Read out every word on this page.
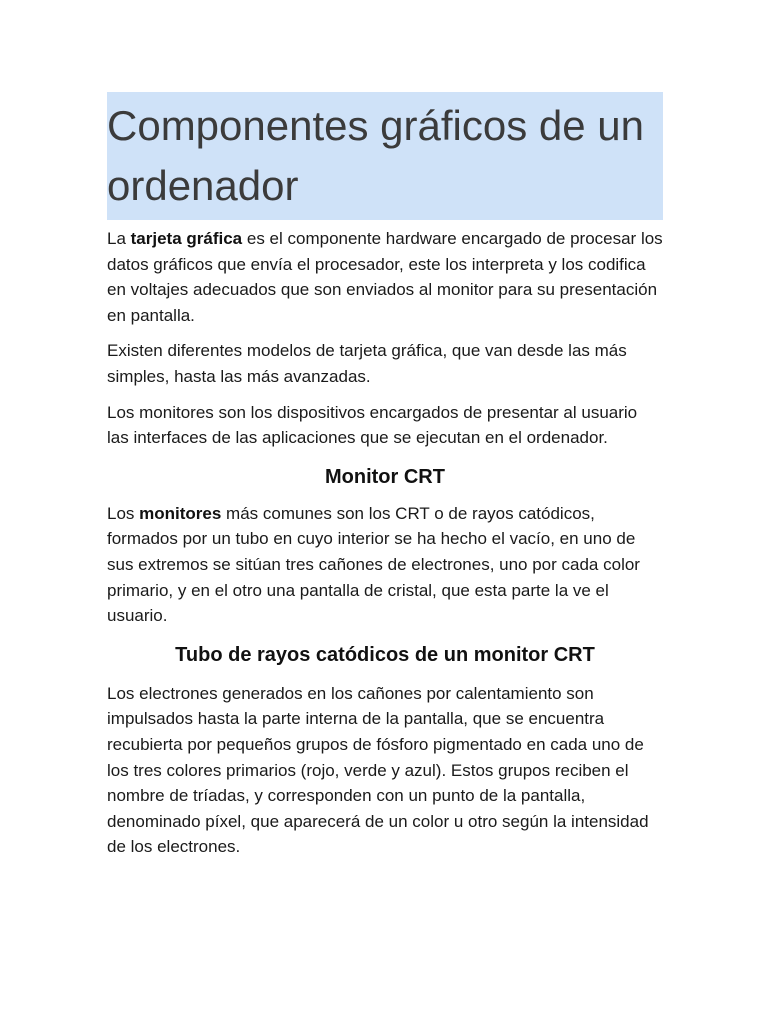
Componentes gráficos de un ordenador

La tarjeta gráfica es el componente hardware encargado de procesar los datos gráficos que envía el procesador, este los interpreta y los codifica en voltajes adecuados que son enviados al monitor para su presentación en pantalla.

Existen diferentes modelos de tarjeta gráfica, que van desde las más simples, hasta las más avanzadas.

Los monitores son los dispositivos encargados de presentar al usuario las interfaces de las aplicaciones que se ejecutan en el ordenador.

Monitor CRT

Los monitores más comunes son los CRT o de rayos catódicos, formados por un tubo en cuyo interior se ha hecho el vacío, en uno de sus extremos se sitúan tres cañones de electrones, uno por cada color primario, y en el otro una pantalla de cristal, que esta parte la ve el usuario.

Tubo de rayos catódicos de un monitor CRT

Los electrones generados en los cañones por calentamiento son impulsados hasta la parte interna de la pantalla, que se encuentra recubierta por pequeños grupos de fósforo pigmentado en cada uno de los tres colores primarios (rojo, verde y azul). Estos grupos reciben el nombre de tríadas, y corresponden con un punto de la pantalla, denominado píxel, que aparecerá de un color u otro según la intensidad de los electrones.
